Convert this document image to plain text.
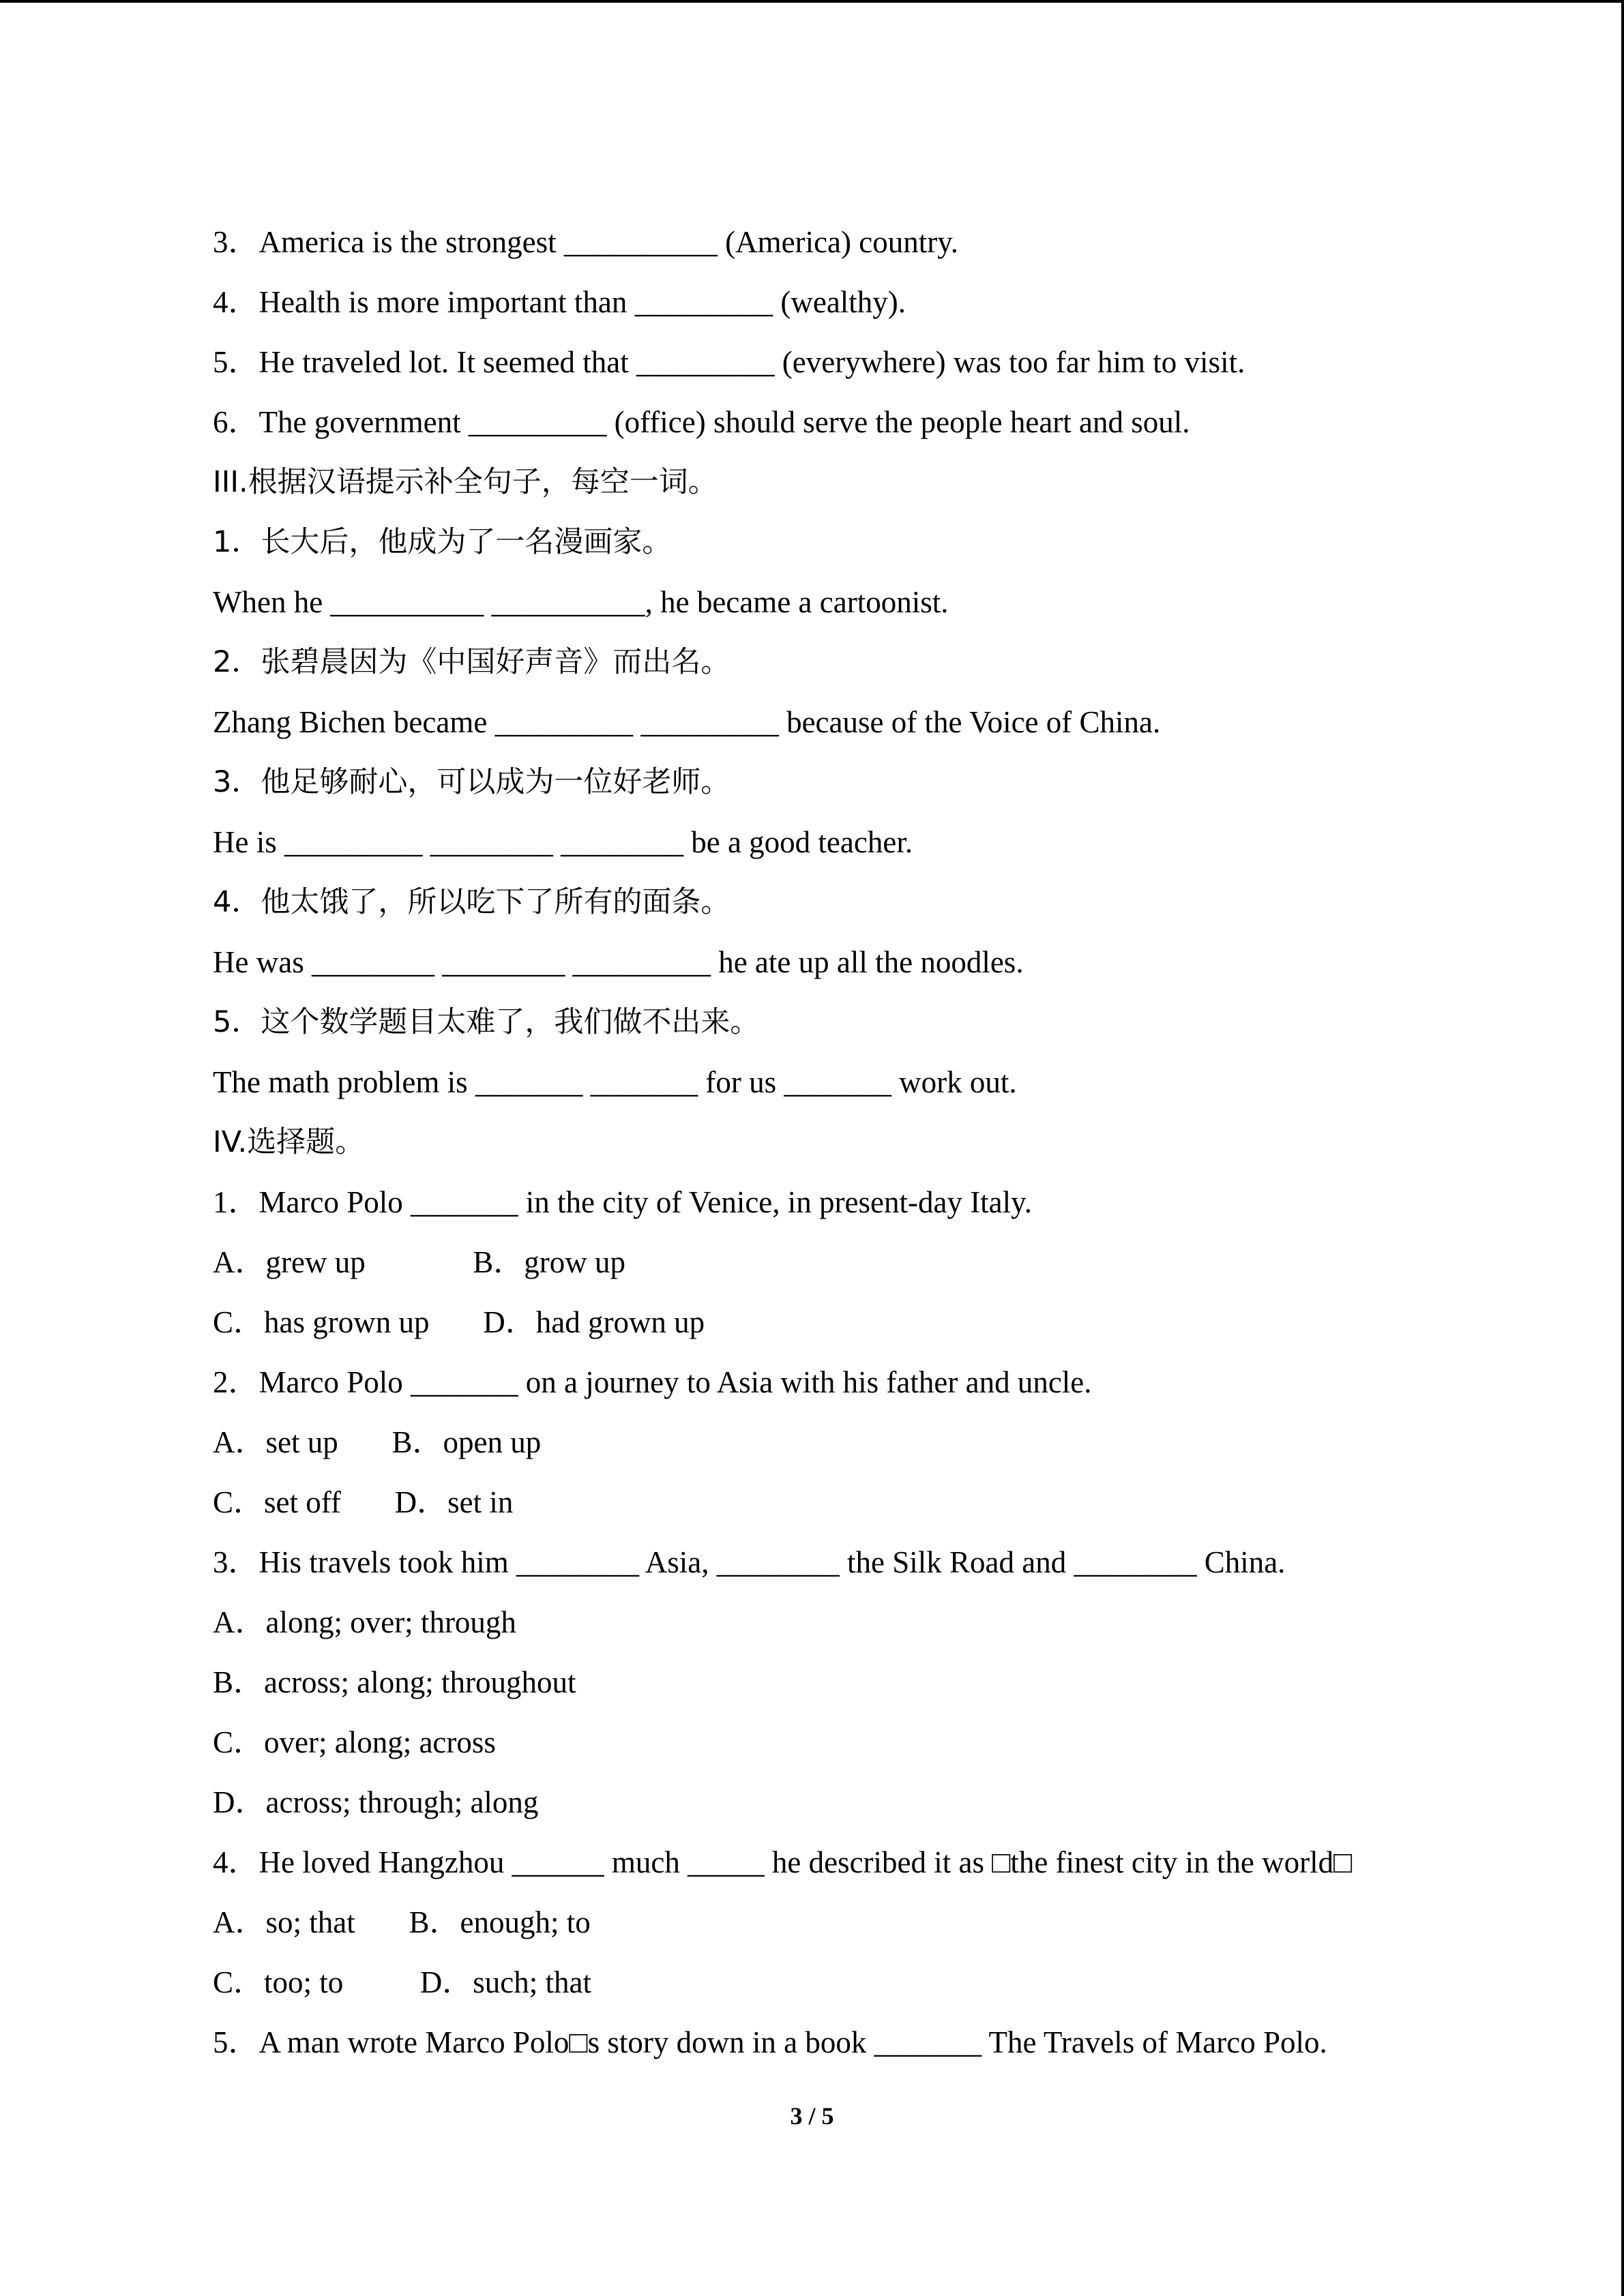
3．America is the strongest __________ (America) country.
4．Health is more important than _________ (wealthy).
5．He traveled lot. It seemed that _________ (everywhere) was too far him to visit.
6．The government _________ (office) should serve the people heart and soul.
III.根据汉语提示补全句子，每空一词。
1．长大后，他成为了一名漫画家。
When he __________ __________, he became a cartoonist.
2．张碧晨因为《中国好声音》而出名。
Zhang Bichen became _________ _________ because of the Voice of China.
3．他足够耐心，可以成为一位好老师。
He is _________ ________ ________ be a good teacher.
4．他太饿了，所以吃下了所有的面条。
He was ________ ________ _________ he ate up all the noodles.
5．这个数学题目太难了，我们做不出来。
The math problem is _______ _______ for us _______ work out.
IV.选择题。
1．Marco Polo _______ in the city of Venice, in present-day Italy.
A．grew up              B．grow up
C．has grown up       D．had grown up
2．Marco Polo _______ on a journey to Asia with his father and uncle.
A．set up       B．open up
C．set off       D．set in
3．His travels took him ________ Asia, ________ the Silk Road and ________ China.
A．along; over; through
B．across; along; throughout
C．over; along; across
D．across; through; along
4．He loved Hangzhou ______ much _____ he described it as □the finest city in the world□
A．so; that       B．enough; to
C．too; to          D．such; that
5．A man wrote Marco Polo□s story down in a book _______ The Travels of Marco Polo.
3 / 5
